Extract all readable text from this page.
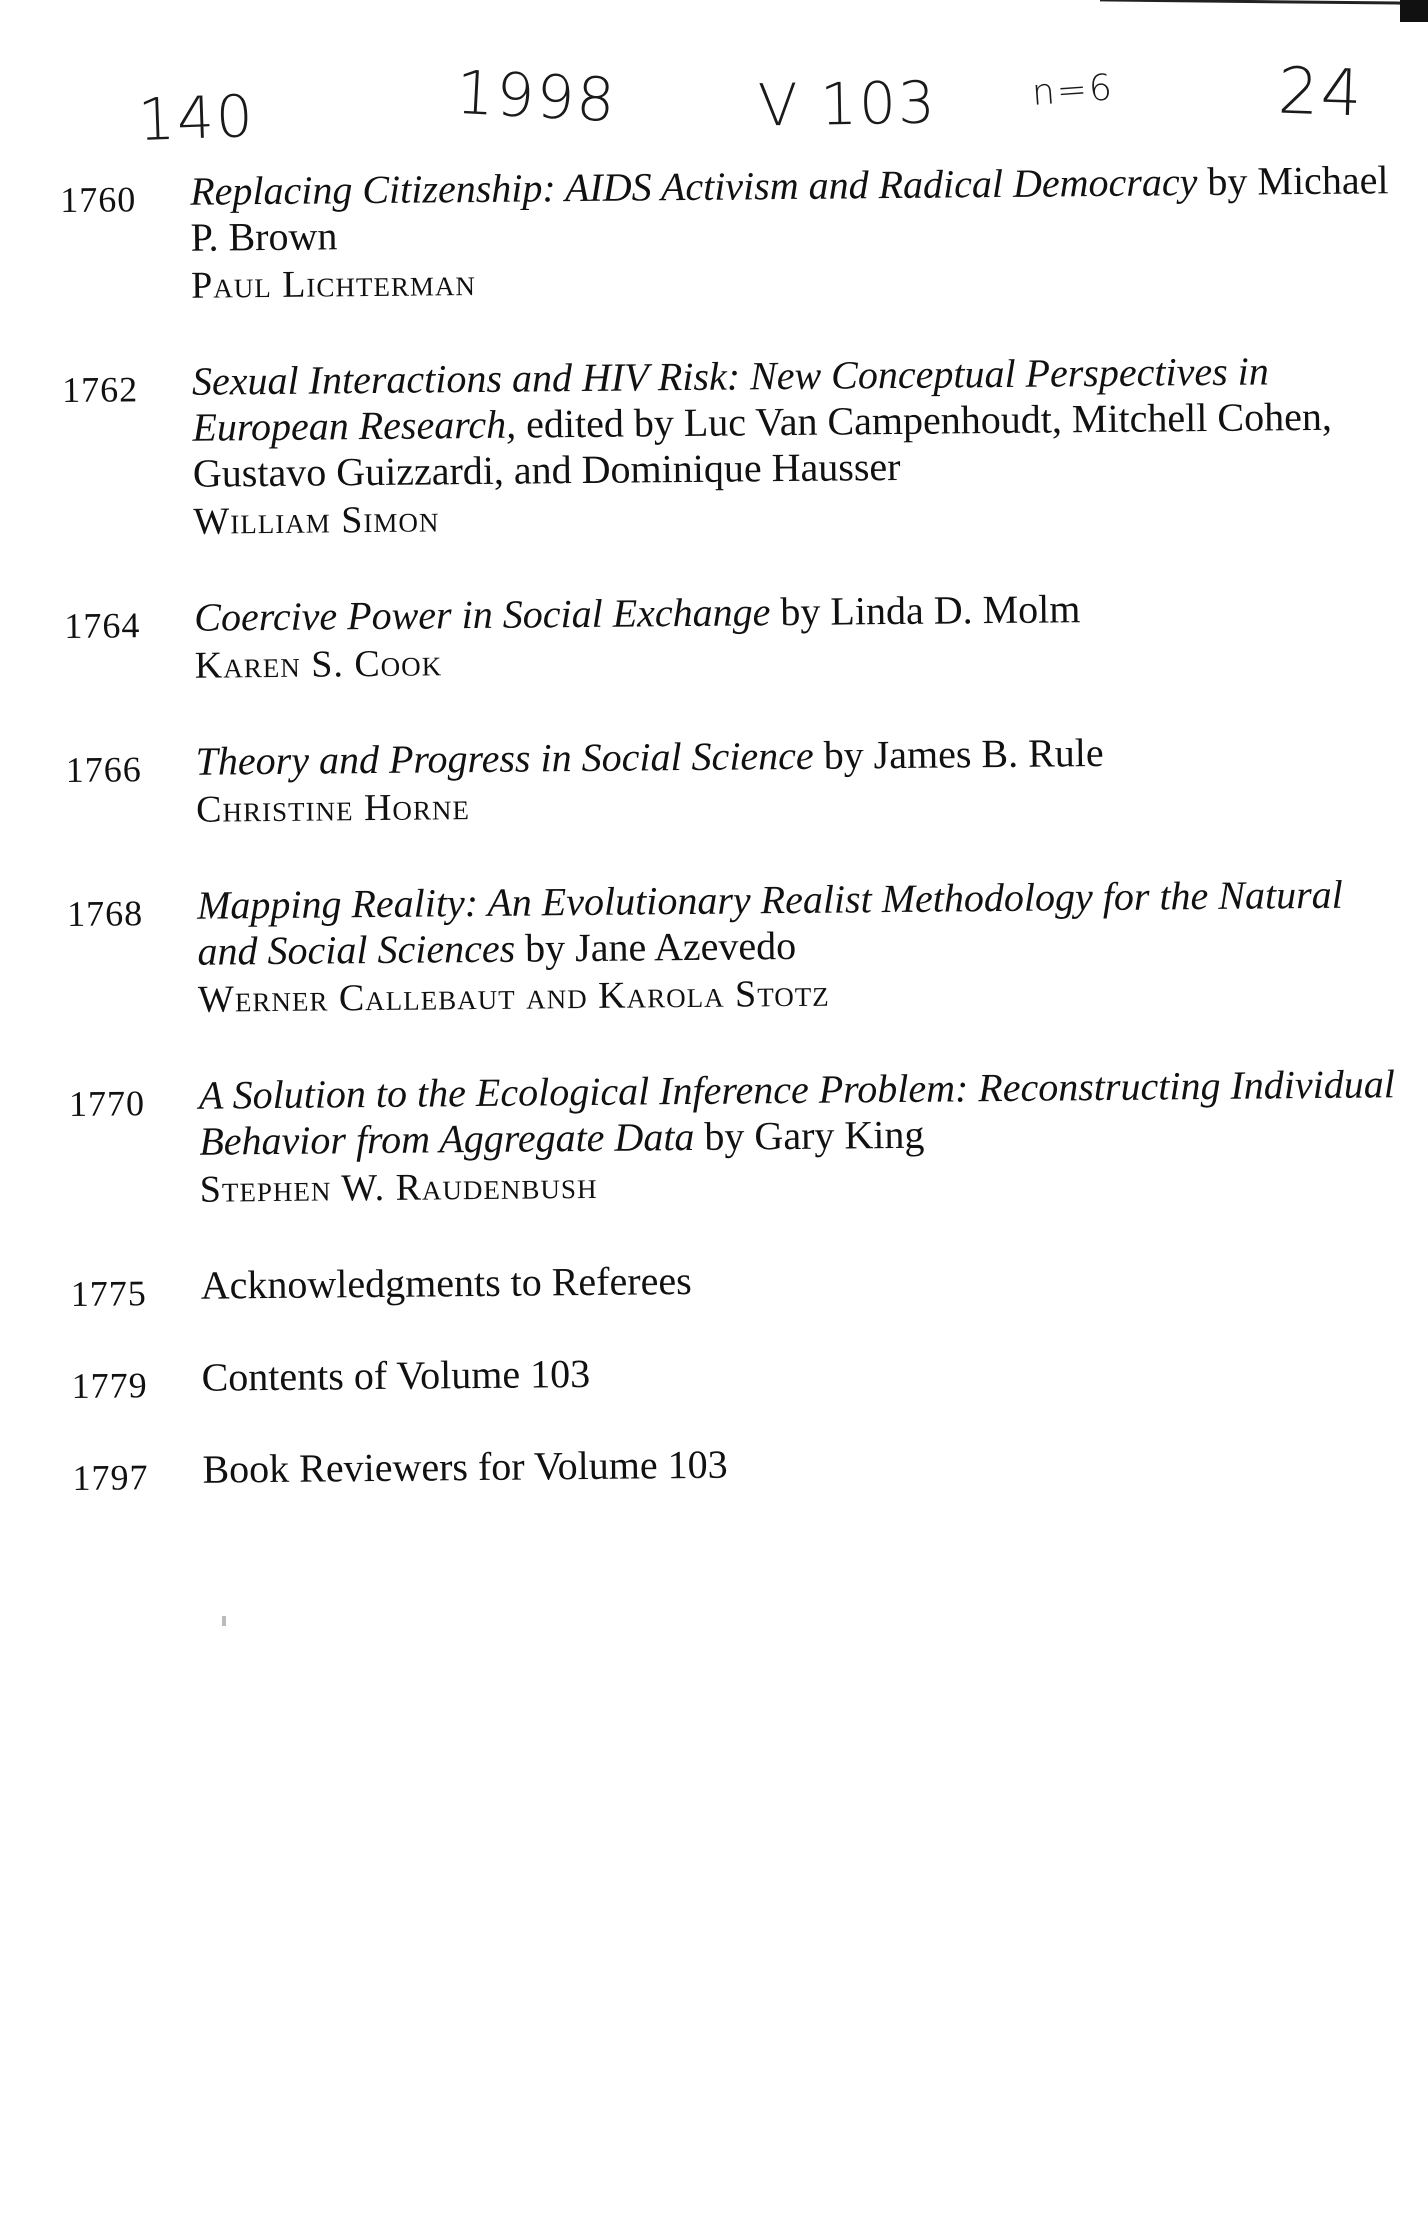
140	1998 V 103	n=6	24
1760	Replacing Citizenship: AIDS Activism and Radical Democracy by Michael P. Brown
Paul Lichterman
1762	Sexual Interactions and HIV Risk: New Conceptual Perspectives in European Research, edited by Luc Van Campenhoudt, Mitchell Cohen, Gustavo Guizzardi, and Dominique Hausser
William Simon
1764	Coercive Power in Social Exchange by Linda D. Molm
Karen S. Cook
1766	Theory and Progress in Social Science by James B. Rule
Christine Horne
1768	Mapping Reality: An Evolutionary Realist Methodology for the Natural and Social Sciences by Jane Azevedo
Werner Callebaut and Karola Stotz
1770	A Solution to the Ecological Inference Problem: Reconstructing Individual Behavior from Aggregate Data by Gary King
Stephen W. Raudenbush
1775	Acknowledgments to Referees
1779	Contents of Volume 103
1797	Book Reviewers for Volume 103
